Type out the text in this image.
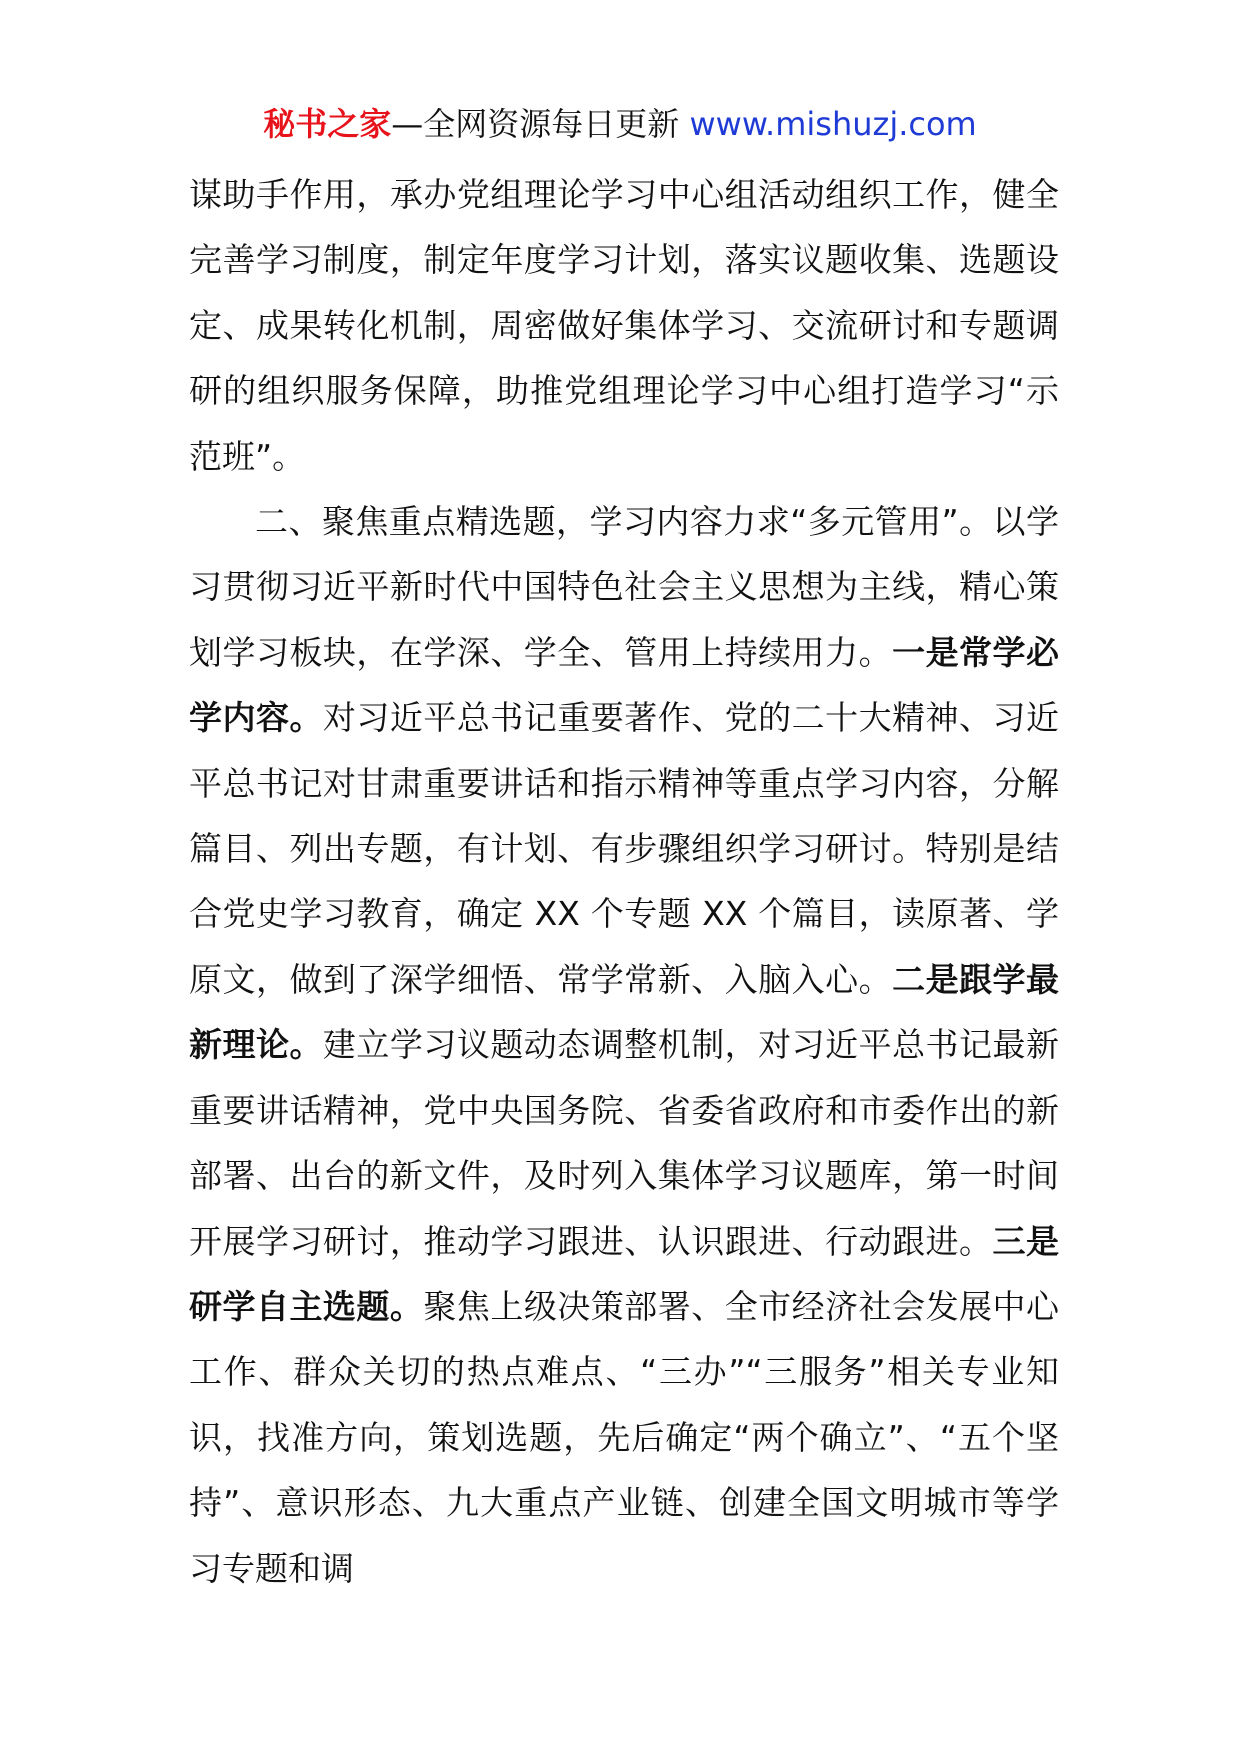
秘书之家—全网资源每日更新 www.mishuzj.com

谋助手作用，承办党组理论学习中心组活动组织工作，健全完善学习制度，制定年度学习计划，落实议题收集、选题设定、成果转化机制，周密做好集体学习、交流研讨和专题调研的组织服务保障，助推党组理论学习中心组打造学习“示范班”。

二、聚焦重点精选题，学习内容力求“多元管用”。以学习贯彻习近平新时代中国特色社会主义思想为主线，精心策划学习板块，在学深、学全、管用上持续用力。一是常学必学内容。对习近平总书记重要著作、党的二十大精神、习近平总书记对甘肃重要讲话和指示精神等重点学习内容，分解篇目、列出专题，有计划、有步骤组织学习研讨。特别是结合党史学习教育，确定 XX 个专题 XX 个篇目，读原著、学原文，做到了深学细悟、常学常新、入脑入心。二是跟学最新理论。建立学习议题动态调整机制，对习近平总书记最新重要讲话精神，党中央国务院、省委省政府和市委作出的新部署、出台的新文件，及时列入集体学习议题库，第一时间开展学习研讨，推动学习跟进、认识跟进、行动跟进。三是研学自主选题。聚焦上级决策部署、全市经济社会发展中心工作、群众关切的热点难点、“三办”“三服务”相关专业知识，找准方向，策划选题，先后确定“两个确立”、“五个坚持”、意识形态、九大重点产业链、创建全国文明城市等学习专题和调
